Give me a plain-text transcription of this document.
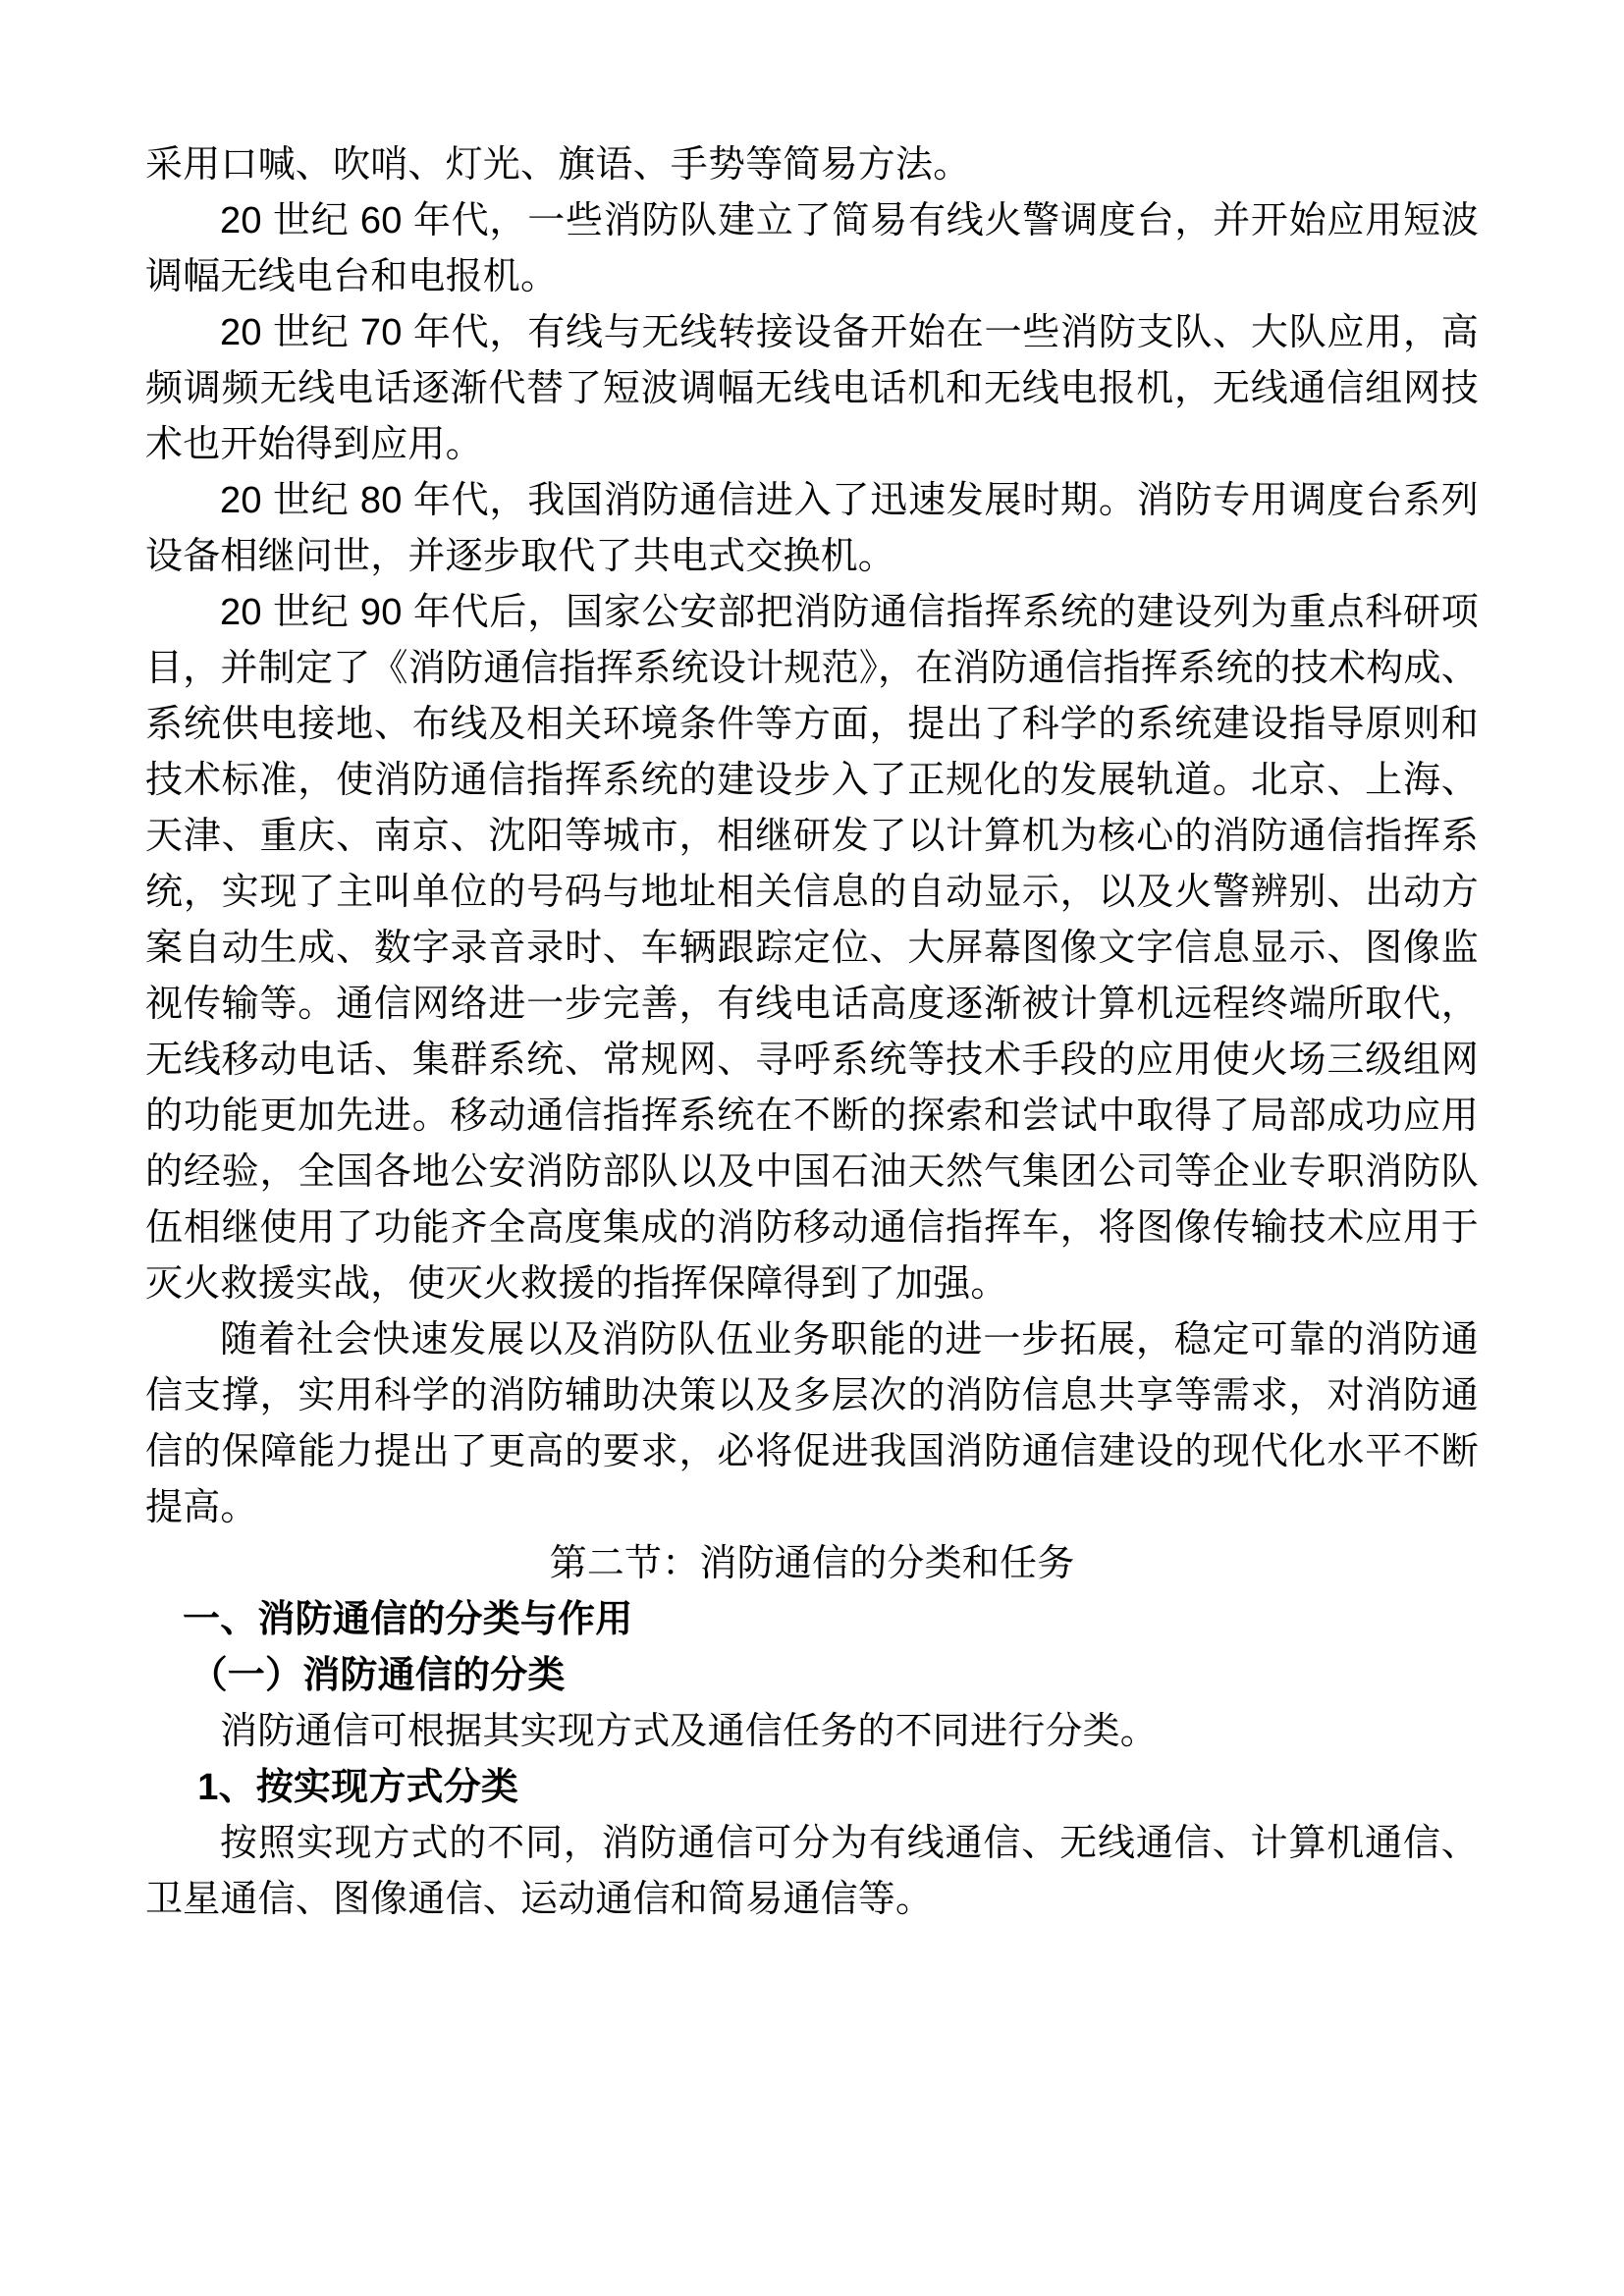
采用口喊、吹哨、灯光、旗语、手势等简易方法。

20 世纪 60 年代，一些消防队建立了简易有线火警调度台，并开始应用短波调幅无线电台和电报机。

20 世纪 70 年代，有线与无线转接设备开始在一些消防支队、大队应用，高频调频无线电话逐渐代替了短波调幅无线电话机和无线电报机，无线通信组网技术也开始得到应用。

20 世纪 80 年代，我国消防通信进入了迅速发展时期。消防专用调度台系列设备相继问世，并逐步取代了共电式交换机。

20 世纪 90 年代后，国家公安部把消防通信指挥系统的建设列为重点科研项目，并制定了《消防通信指挥系统设计规范》，在消防通信指挥系统的技术构成、系统供电接地、布线及相关环境条件等方面，提出了科学的系统建设指导原则和技术标准，使消防通信指挥系统的建设步入了正规化的发展轨道。北京、上海、天津、重庆、南京、沈阳等城市，相继研发了以计算机为核心的消防通信指挥系统，实现了主叫单位的号码与地址相关信息的自动显示，以及火警辨别、出动方案自动生成、数字录音录时、车辆跟踪定位、大屏幕图像文字信息显示、图像监视传输等。通信网络进一步完善，有线电话高度逐渐被计算机远程终端所取代，无线移动电话、集群系统、常规网、寻呼系统等技术手段的应用使火场三级组网的功能更加先进。移动通信指挥系统在不断的探索和尝试中取得了局部成功应用的经验，全国各地公安消防部队以及中国石油天然气集团公司等企业专职消防队伍相继使用了功能齐全高度集成的消防移动通信指挥车，将图像传输技术应用于灭火救援实战，使灭火救援的指挥保障得到了加强。

随着社会快速发展以及消防队伍业务职能的进一步拓展，稳定可靠的消防通信支撑，实用科学的消防辅助决策以及多层次的消防信息共享等需求，对消防通信的保障能力提出了更高的要求，必将促进我国消防通信建设的现代化水平不断提高。

第二节：消防通信的分类和任务

一、消防通信的分类与作用

（一）消防通信的分类

消防通信可根据其实现方式及通信任务的不同进行分类。

1、按实现方式分类

按照实现方式的不同，消防通信可分为有线通信、无线通信、计算机通信、卫星通信、图像通信、运动通信和简易通信等。
